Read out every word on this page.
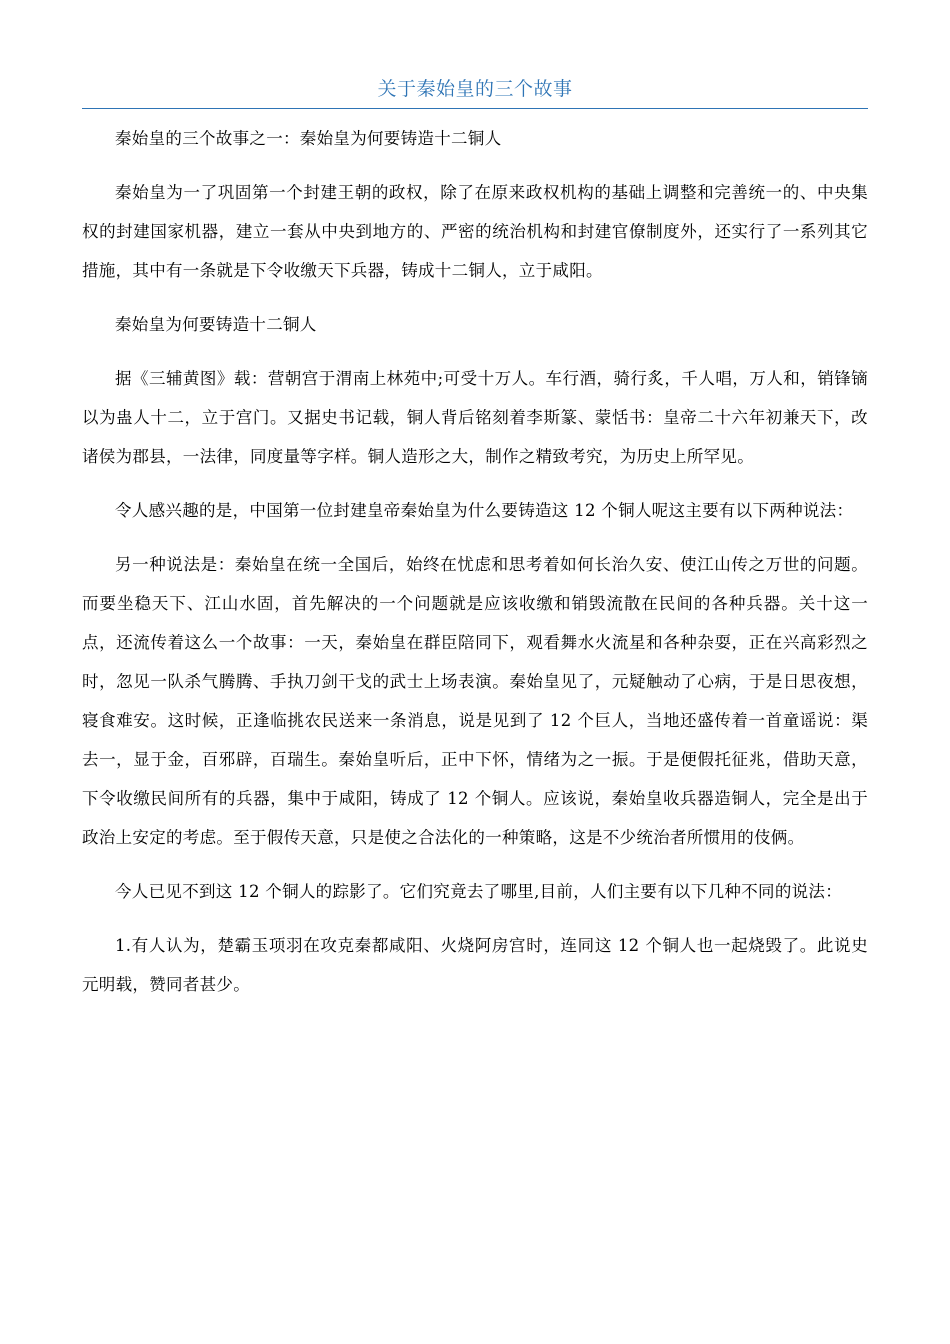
关于秦始皇的三个故事

秦始皇的三个故事之一：秦始皇为何要铸造十二铜人

秦始皇为一了巩固第一个封建王朝的政权，除了在原来政权机构的基础上调整和完善统一的、中央集权的封建国家机器，建立一套从中央到地方的、严密的统治机构和封建官僚制度外，还实行了一系列其它措施，其中有一条就是下令收缴天下兵器，铸成十二铜人，立于咸阳。

秦始皇为何要铸造十二铜人

据《三辅黄图》载：营朝宫于渭南上林苑中;可受十万人。车行酒，骑行炙，千人唱，万人和，销锋镝以为蛊人十二，立于宫门。又据史书记载，铜人背后铭刻着李斯篆、蒙恬书：皇帝二十六年初兼天下，改诸侯为郡县，一法律，同度量等字样。铜人造形之大，制作之精致考究，为历史上所罕见。

令人感兴趣的是，中国第一位封建皇帝秦始皇为什么要铸造这 12 个铜人呢这主要有以下两种说法：

另一种说法是：秦始皇在统一全国后，始终在忧虑和思考着如何长治久安、使江山传之万世的问题。而要坐稳天下、江山水固，首先解决的一个问题就是应该收缴和销毁流散在民间的各种兵器。关十这一点，还流传着这么一个故事：一天，秦始皇在群臣陪同下，观看舞水火流星和各种杂耍，正在兴高彩烈之时，忽见一队杀气腾腾、手执刀剑干戈的武士上场表演。秦始皇见了，元疑触动了心病，于是日思夜想，寝食难安。这时候，正逢临挑农民送来一条消息，说是见到了 12 个巨人，当地还盛传着一首童谣说：渠去一，显于金，百邪辟，百瑞生。秦始皇听后，正中下怀，情绪为之一振。于是便假托征兆，借助天意，下令收缴民间所有的兵器，集中于咸阳，铸成了 12 个铜人。应该说，秦始皇收兵器造铜人，完全是出于政治上安定的考虑。至于假传天意，只是使之合法化的一种策略，这是不少统治者所惯用的伎俩。

今人已见不到这 12 个铜人的踪影了。它们究竟去了哪里,目前，人们主要有以下几种不同的说法：

1.有人认为，楚霸玉项羽在攻克秦都咸阳、火烧阿房宫时，连同这 12 个铜人也一起烧毁了。此说史元明载，赞同者甚少。
